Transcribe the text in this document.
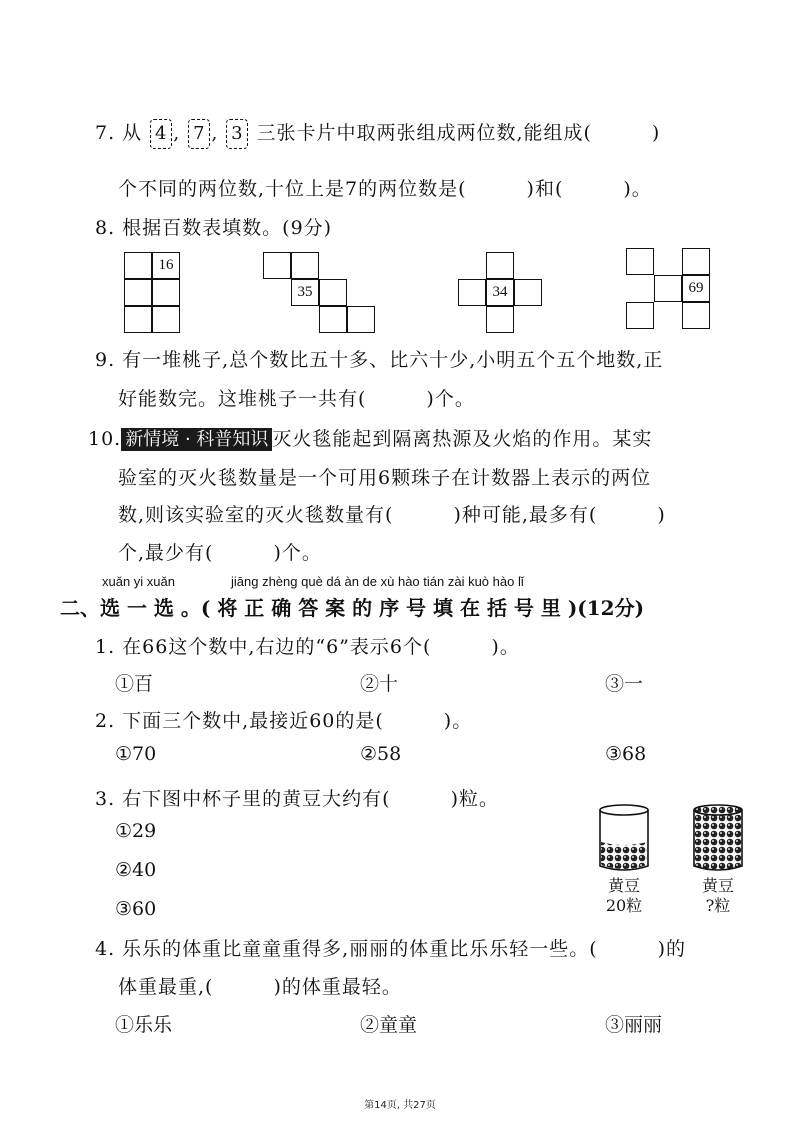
7. 从 4 , 7 , 3 三张卡片中取两张组成两位数,能组成(　　　)
个不同的两位数,十位上是7的两位数是(　　　)和(　　　)。
8. 根据百数表填数。(9分)
16
35	34	69
9. 有一堆桃子,总个数比五十多、比六十少,小明五个五个地数,正
好能数完。这堆桃子一共有(　　　)个。
10. 新情境 · 科普知识 灭火毯能起到隔离热源及火焰的作用。某实
验室的灭火毯数量是一个可用6颗珠子在计数器上表示的两位
数,则该实验室的灭火毯数量有(　　　)种可能,最多有(　　　)
个,最少有(　　　)个。
xuǎn yi xuǎn	jiāng zhèng què dá àn de xù hào tián zài kuò hào lǐ
二、选 一 选 。( 将 正 确 答 案 的 序 号 填 在 括 号 里 )(12分)
1. 在66这个数中,右边的“6”表示6个(　　　)。
①百	②十	③一
2. 下面三个数中,最接近60的是(　　　)。
①70	②58	③68
3. 右下图中杯子里的黄豆大约有(　　　)粒。
①29
②40
③60
黄豆
20粒
黄豆
?粒
4. 乐乐的体重比童童重得多,丽丽的体重比乐乐轻一些。(　　　)的
体重最重,(　　　)的体重最轻。
①乐乐	②童童	③丽丽
第14页, 共27页
